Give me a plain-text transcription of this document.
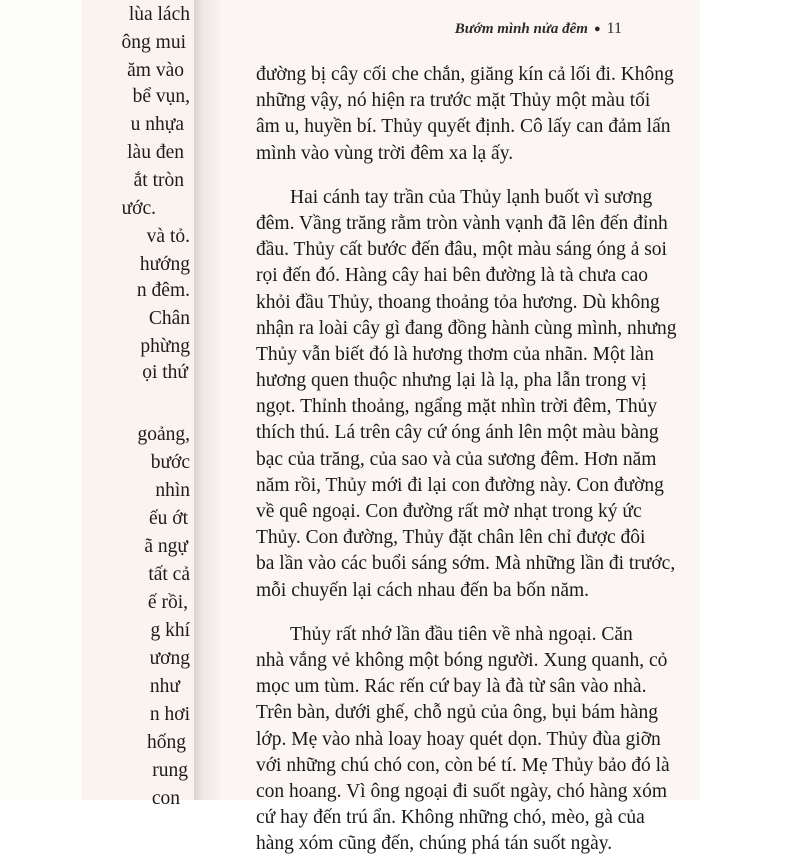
lùa lách
ông mui
ăm vào
bể vụn,
u nhựa
làu đen
ắt tròn
ước.
và tỏ.
hướng
n đêm.
Chân
phừng
ọi thứ
goảng,
bước
nhìn
ếu ớt
ã ngự
tất cả
ế rồi,
g khí
ương
như
n hơi
hống
rung
con
Bướm mình nửa đêm ● 11
đường bị cây cối che chắn, giăng kín cả lối đi. Không
những vậy, nó hiện ra trước mặt Thủy một màu tối
âm u, huyền bí. Thủy quyết định. Cô lấy can đảm lấn
mình vào vùng trời đêm xa lạ ấy.
Hai cánh tay trần của Thủy lạnh buốt vì sương
đêm. Vầng trăng rằm tròn vành vạnh đã lên đến đỉnh
đầu. Thủy cất bước đến đâu, một màu sáng óng ả soi
rọi đến đó. Hàng cây hai bên đường là tà chưa cao
khỏi đầu Thủy, thoang thoảng tỏa hương. Dù không
nhận ra loài cây gì đang đồng hành cùng mình, nhưng
Thủy vẫn biết đó là hương thơm của nhãn. Một làn
hương quen thuộc nhưng lại là lạ, pha lẫn trong vị
ngọt. Thỉnh thoảng, ngẩng mặt nhìn trời đêm, Thủy
thích thú. Lá trên cây cứ óng ánh lên một màu bàng
bạc của trăng, của sao và của sương đêm. Hơn năm
năm rồi, Thủy mới đi lại con đường này. Con đường
về quê ngoại. Con đường rất mờ nhạt trong ký ức
Thủy. Con đường, Thủy đặt chân lên chỉ được đôi
ba lần vào các buổi sáng sớm. Mà những lần đi trước,
mỗi chuyến lại cách nhau đến ba bốn năm.
Thủy rất nhớ lần đầu tiên về nhà ngoại. Căn
nhà vắng vẻ không một bóng người. Xung quanh, cỏ
mọc um tùm. Rác rến cứ bay là đà từ sân vào nhà.
Trên bàn, dưới ghế, chỗ ngủ của ông, bụi bám hàng
lớp. Mẹ vào nhà loay hoay quét dọn. Thủy đùa giỡn
với những chú chó con, còn bé tí. Mẹ Thủy bảo đó là
con hoang. Vì ông ngoại đi suốt ngày, chó hàng xóm
cứ hay đến trú ẩn. Không những chó, mèo, gà của
hàng xóm cũng đến, chúng phá tán suốt ngày.
